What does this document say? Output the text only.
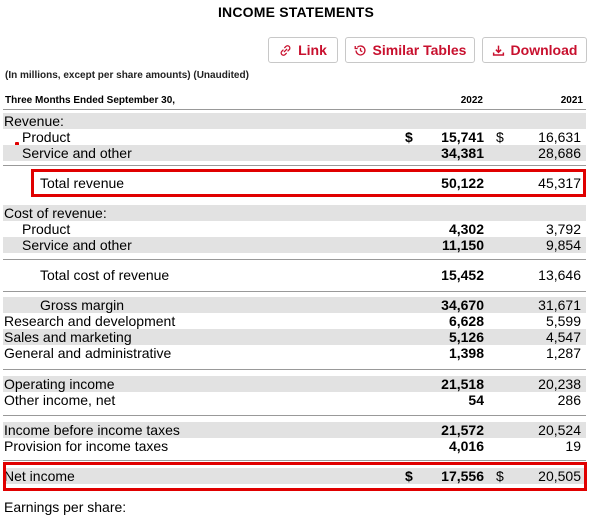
INCOME STATEMENTS
Link	Similar Tables	Download
(In millions, except per share amounts) (Unaudited)
Three Months Ended September 30,	2022	2021
Revenue:
Product	$ 15,741 $ 16,631
Service and other	34,381	28,686
Total revenue	50,122	45,317
Cost of revenue:
Product	4,302	3,792
Service and other	11,150	9,854
Total cost of revenue	15,452	13,646
Gross margin	34,670	31,671
Research and development	6,628	5,599
Sales and marketing	5,126	4,547
General and administrative	1,398	1,287
Operating income	21,518	20,238
Other income, net	54	286
Income before income taxes	21,572	20,524
Provision for income taxes	4,016	19
Net income	$ 17,556 $ 20,505
Earnings per share:
